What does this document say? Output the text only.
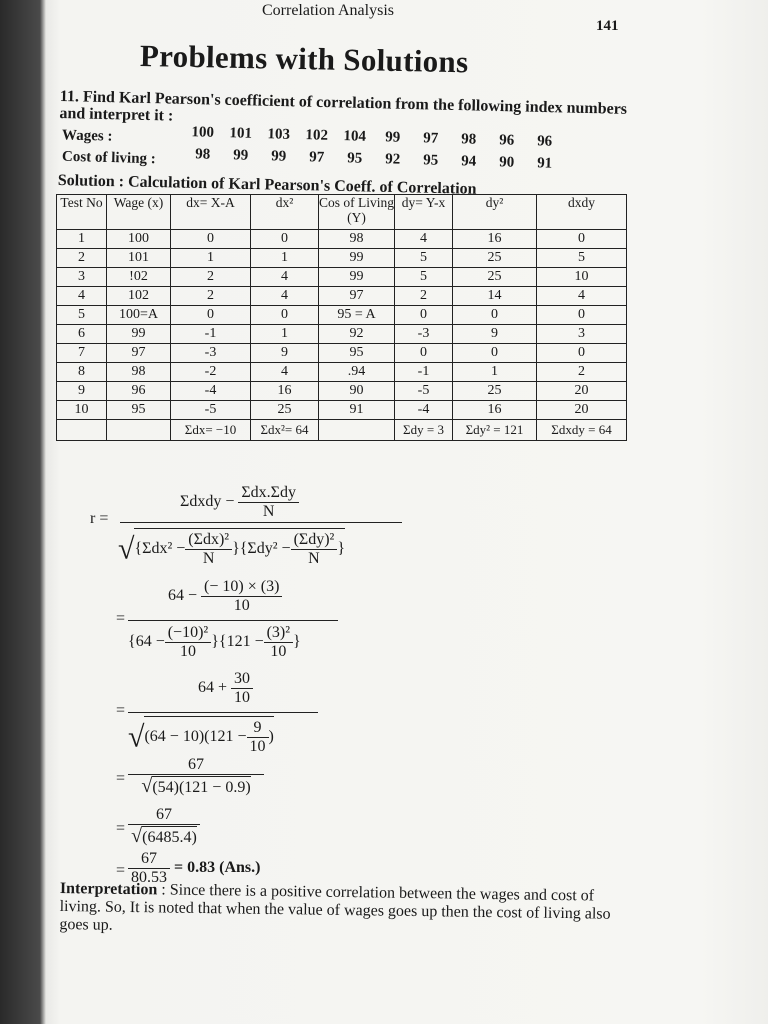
Correlation Analysis
141
Problems with Solutions
11. Find Karl Pearson's coefficient of correlation from the following index numbers and interpret it :
Wages :	100 101 103 102 104 99 97 98 96 96
Cost of living :	98 99 99 97 95 92 95 94 90 91
Solution : Calculation of Karl Pearson's Coeff. of Correlation
Test No	Wage (x)	dx= X-A	dx²	Cos of Living (Y)	dy= Y-x	dy²	dxdy
1	100	0	0	98	4	16	0
2	101	1	1	99	5	25	5
3	!02	2	4	99	5	25	10
4	102	2	4	97	2	14	4
5	100=A	0	0	95 = A	0	0	0
6	99	-1	1	92	-3	9	3
7	97	-3	9	95	0	0	0
8	98	-2	4	.94	-1	1	2
9	96	-4	16	90	-5	25	20
10	95	-5	25	91	-4	16	20
		Σdx= −10	Σdx²= 64		Σdy = 3	Σdy² = 121	Σdxdy = 64
r =
Σdxdy − $\frac{\text{Σdx.Σdy}}{N}$
$√\{\Sigma dx^2 - \frac{\text{(Σdx)²}}{N} \}\{\Sigma dy^2 - \frac{\text{(Σdy)²}}{N}$ }
$64 - \frac{(- 10) \times (3)}{10}$
=
$\{64 - \frac{\text{(−10)²}}{10} \}\{121 - \frac{\text{(3)²}}{10}$ }
$64 + \frac{30}{10}$
=
$√(64 - 10)(121 - \frac{9}{10}$ )
= $\frac{67}{√(54)(121 - 0.9)}$
= $\frac{67}{√(6485.4)}$
= $\frac{67}{80.53} = 0.83$ (Ans.)
Interpretation : Since there is a positive correlation between the wages and cost of living. So, It is noted that when the value of wages goes up then the cost of living also goes up.
